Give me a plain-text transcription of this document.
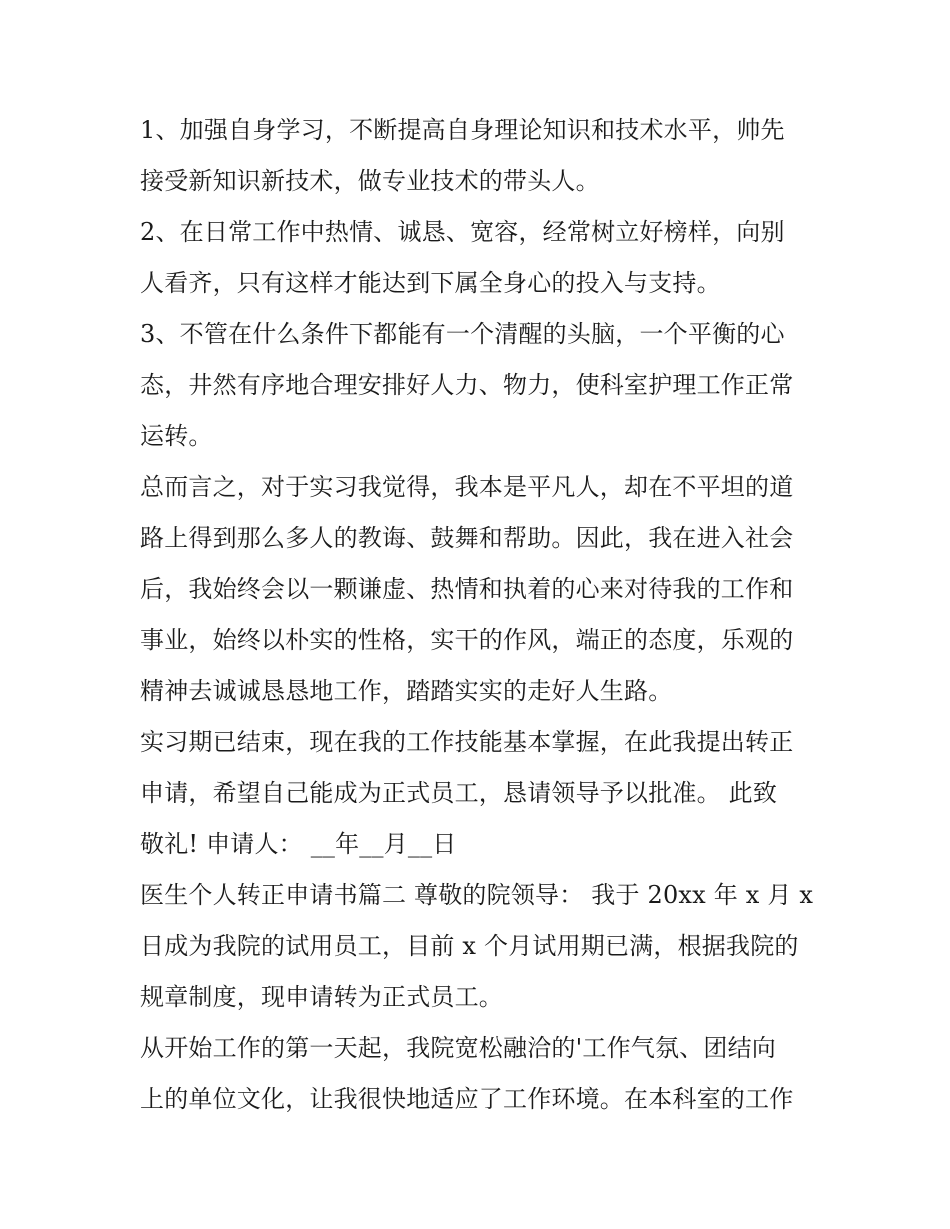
1、加强自身学习，不断提高自身理论知识和技术水平，帅先
接受新知识新技术，做专业技术的带头人。

2、在日常工作中热情、诚恳、宽容，经常树立好榜样，向别
人看齐，只有这样才能达到下属全身心的投入与支持。

3、不管在什么条件下都能有一个清醒的头脑，一个平衡的心
态，井然有序地合理安排好人力、物力，使科室护理工作正常
运转。

总而言之，对于实习我觉得，我本是平凡人，却在不平坦的道
路上得到那么多人的教诲、鼓舞和帮助。因此，我在进入社会
后，我始终会以一颗谦虚、热情和执着的心来对待我的工作和
事业，始终以朴实的性格，实干的作风，端正的态度，乐观的
精神去诚诚恳恳地工作，踏踏实实的走好人生路。

实习期已结束，现在我的工作技能基本掌握，在此我提出转正
申请，希望自己能成为正式员工，恳请领导予以批准。 此致
敬礼! 申请人： __年__月__日

医生个人转正申请书篇二 尊敬的院领导： 我于 20xx 年 x 月 x
日成为我院的试用员工，目前 x 个月试用期已满，根据我院的
规章制度，现申请转为正式员工。

从开始工作的第一天起，我院宽松融洽的'工作气氛、团结向
上的单位文化，让我很快地适应了工作环境。在本科室的工作
